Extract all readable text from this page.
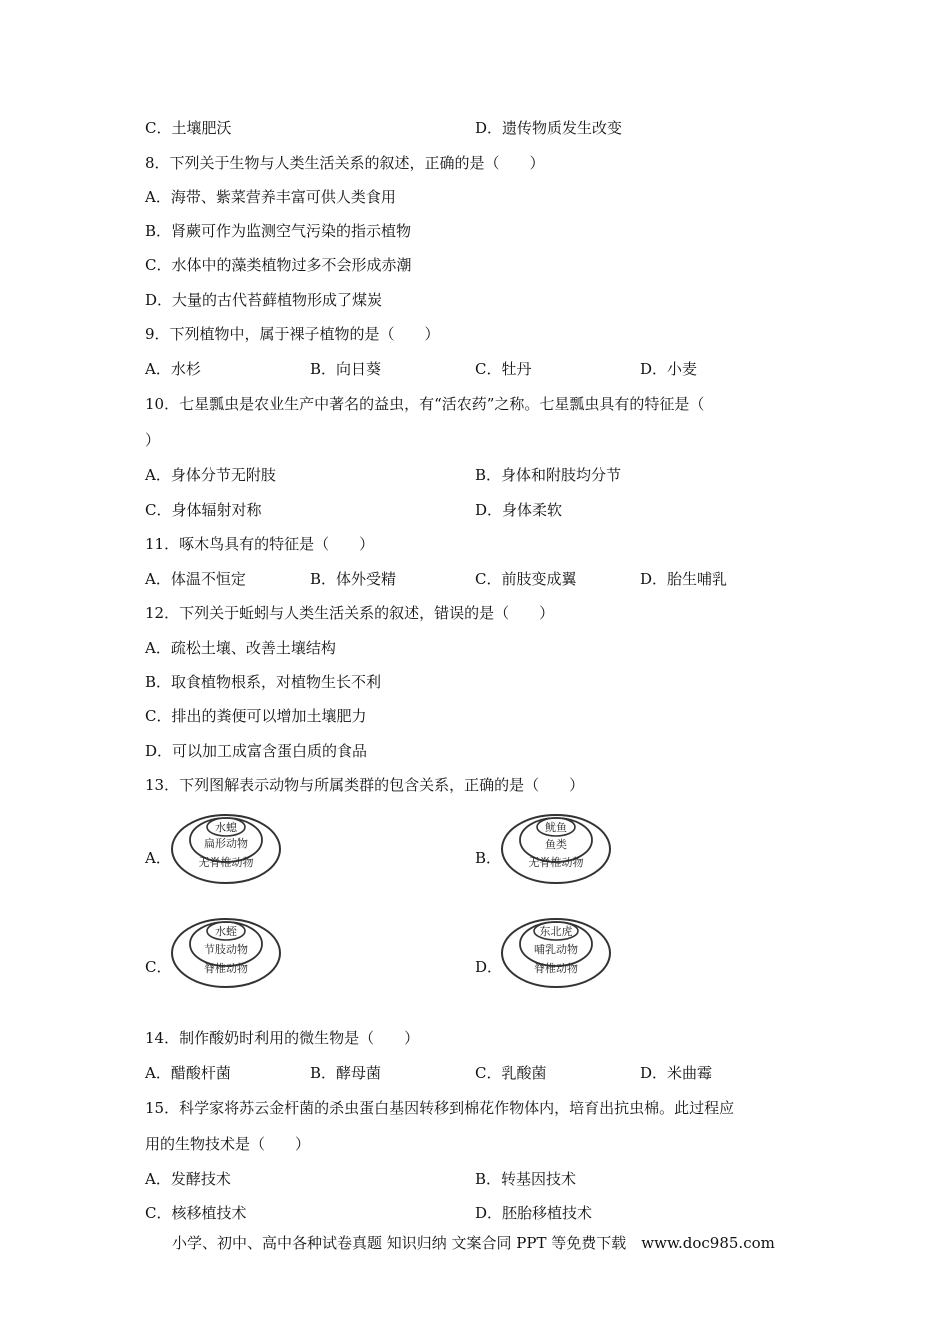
C．土壤肥沃	D．遗传物质发生改变
8．下列关于生物与人类生活关系的叙述，正确的是（　　）
A．海带、紫菜营养丰富可供人类食用
B．肾蕨可作为监测空气污染的指示植物
C．水体中的藻类植物过多不会形成赤潮
D．大量的古代苔藓植物形成了煤炭
9．下列植物中，属于裸子植物的是（　　）
A．水杉	B．向日葵	C．牡丹	D．小麦
10．七星瓢虫是农业生产中著名的益虫，有“活农药”之称。七星瓢虫具有的特征是（
）
A．身体分节无附肢	B．身体和附肢均分节
C．身体辐射对称	D．身体柔软
11．啄木鸟具有的特征是（　　）
A．体温不恒定	B．体外受精	C．前肢变成翼	D．胎生哺乳
12．下列关于蚯蚓与人类生活关系的叙述，错误的是（　　）
A．疏松土壤、改善土壤结构
B．取食植物根系，对植物生长不利
C．排出的粪便可以增加土壤肥力
D．可以加工成富含蛋白质的食品
13．下列图解表示动物与所属类群的包含关系，正确的是（　　）
A．
水螅
扁形动物
无脊椎动物	B．
鱿鱼
鱼类
无脊椎动物
C．
水蛭
节肢动物
脊椎动物	D．
东北虎
哺乳动物
脊椎动物
14．制作酸奶时利用的微生物是（　　）
A．醋酸杆菌	B．酵母菌	C．乳酸菌	D．米曲霉
15．科学家将苏云金杆菌的杀虫蛋白基因转移到棉花作物体内，培育出抗虫棉。此过程应
用的生物技术是（　　）
A．发酵技术	B．转基因技术
C．核移植技术	D．胚胎移植技术
小学、初中、高中各种试卷真题 知识归纳 文案合同 PPT 等免费下载　www.doc985.com
